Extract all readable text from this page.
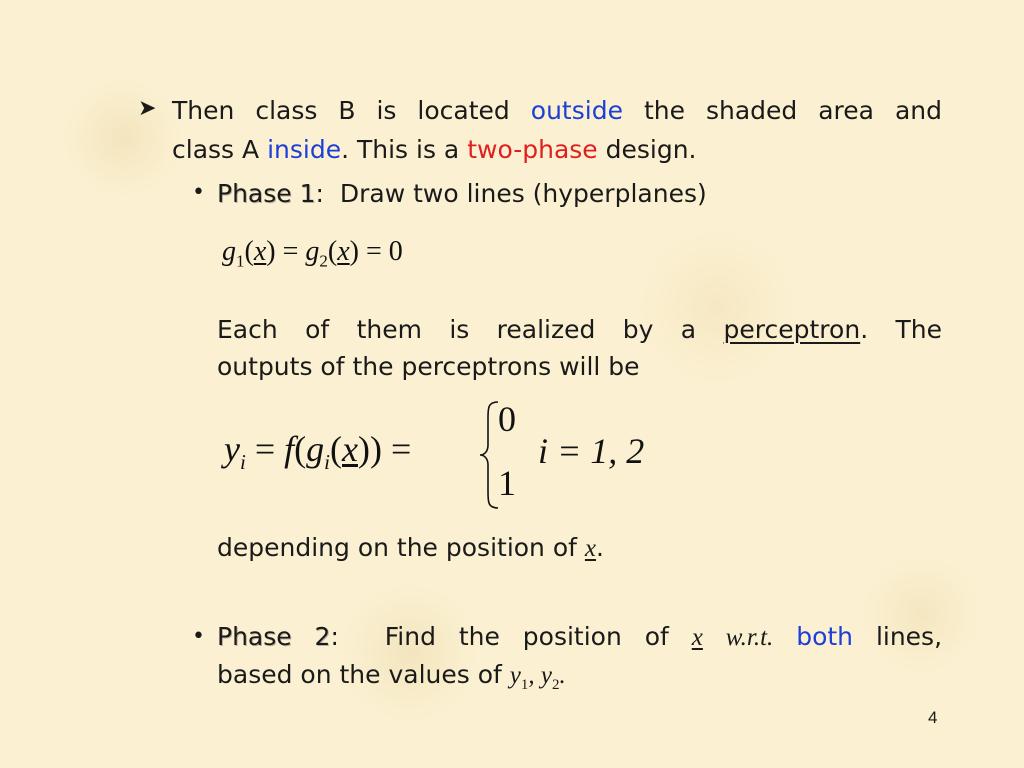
➤ Then class B is located outside the shaded area and
class A inside. This is a two-phase design.
• Phase 1: Draw two lines (hyperplanes)
$g_1(x) = g_2(x) = 0$
Each of them is realized by a perceptron. The
outputs of the perceptrons will be
$y_i = f(g_i(x))$ =
0
1
i = 1, 2
depending on the position of x.
• Phase 2: Find the position of x w.r.t. both lines,
based on the values of $y_1$, $y_2$.
4
